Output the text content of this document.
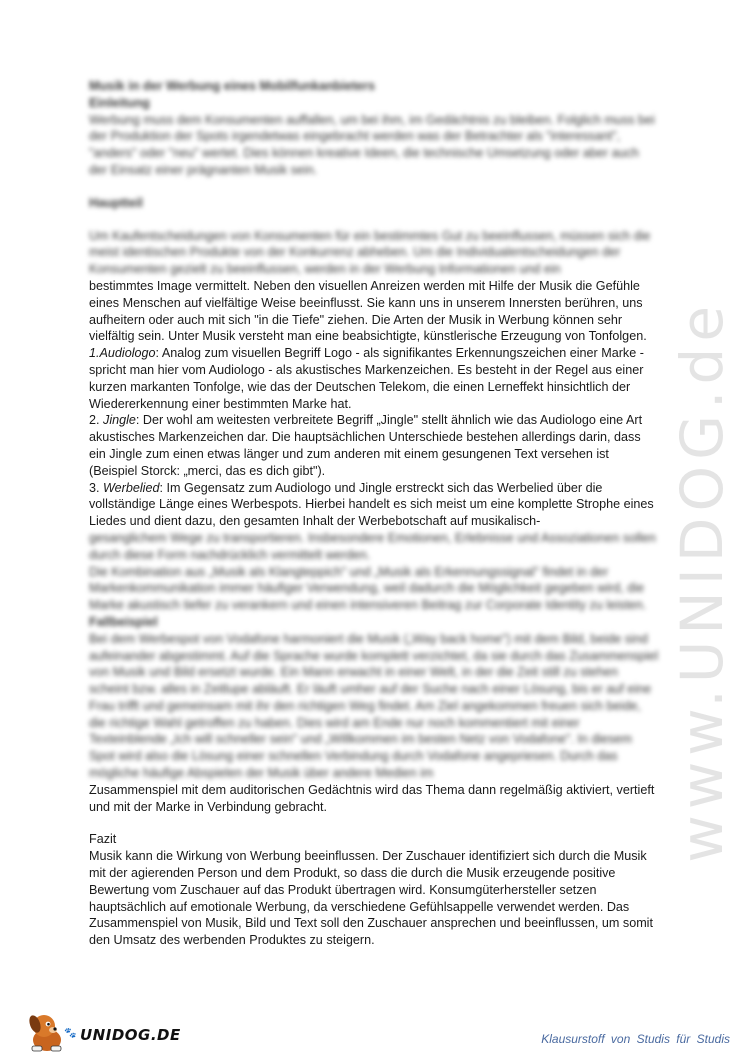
www.UNIDOG.de

Musik in der Werbung eines Mobilfunkanbieters

Einleitung

Werbung muss dem Konsumenten auffallen, um bei ihm, im Gedächtnis zu bleiben. Folglich muss bei der Produktion der Spots irgendetwas eingebracht werden was der Betrachter als "interessant", "anders" oder "neu" wertet. Dies können kreative Ideen, die technische Umsetzung oder aber auch der Einsatz einer prägnanten Musik sein.

Hauptteil

Um Kaufentscheidungen von Konsumenten für ein bestimmtes Gut zu beeinflussen, müssen sich die meist identischen Produkte von der Konkurrenz abheben. Um die Individualentscheidungen der Konsumenten gezielt zu beeinflussen, werden in der Werbung Informationen und ein

bestimmtes Image vermittelt. Neben den visuellen Anreizen werden mit Hilfe der Musik die Gefühle eines Menschen auf vielfältige Weise beeinflusst. Sie kann uns in unserem Innersten berühren, uns aufheitern oder auch mit sich "in die Tiefe" ziehen. Die Arten der Musik in Werbung können sehr vielfältig sein. Unter Musik versteht man eine beabsichtigte, künstlerische Erzeugung von Tonfolgen.

1.Audiologo: Analog zum visuellen Begriff Logo - als signifikantes Erkennungszeichen einer Marke - spricht man hier vom Audiologo - als akustisches Markenzeichen. Es besteht in der Regel aus einer kurzen markanten Tonfolge, wie das der Deutschen Telekom, die einen Lerneffekt hinsichtlich der Wiedererkennung einer bestimmten Marke hat.

2. Jingle: Der wohl am weitesten verbreitete Begriff „Jingle" stellt ähnlich wie das Audiologo eine Art akustisches Markenzeichen dar. Die hauptsächlichen Unterschiede bestehen allerdings darin, dass ein Jingle zum einen etwas länger und zum anderen mit einem gesungenen Text versehen ist (Beispiel Storck: „merci, das es dich gibt").

3. Werbelied: Im Gegensatz zum Audiologo und Jingle erstreckt sich das Werbelied über die vollständige Länge eines Werbespots. Hierbei handelt es sich meist um eine komplette Strophe eines Liedes und dient dazu, den gesamten Inhalt der Werbebotschaft auf musikalisch-

gesanglichem Wege zu transportieren. Insbesondere Emotionen, Erlebnisse und Assoziationen sollen durch diese Form nachdrücklich vermittelt werden.

Die Kombination aus „Musik als Klangteppich" und „Musik als Erkennungssignal" findet in der Markenkommunikation immer häufiger Verwendung, weil dadurch die Möglichkeit gegeben wird, die Marke akustisch tiefer zu verankern und einen intensiveren Beitrag zur Corporate Identity zu leisten.

Fallbeispiel

Bei dem Werbespot von Vodafone harmoniert die Musik („Way back home") mit dem Bild, beide sind aufeinander abgestimmt. Auf die Sprache wurde komplett verzichtet, da sie durch das Zusammenspiel von Musik und Bild ersetzt wurde. Ein Mann erwacht in einer Welt, in der die Zeit still zu stehen scheint bzw. alles in Zeitlupe abläuft. Er läuft umher auf der Suche nach einer Lösung, bis er auf eine Frau trifft und gemeinsam mit ihr den richtigen Weg findet. Am Ziel angekommen freuen sich beide, die richtige Wahl getroffen zu haben. Dies wird am Ende nur noch kommentiert mit einer Texteinblende „Ich will schneller sein" und „Willkommen im besten Netz von Vodafone". In diesem Spot wird also die Lösung einer schnellen Verbindung durch Vodafone angepriesen. Durch das mögliche häufige Abspielen der Musik über andere Medien im

Zusammenspiel mit dem auditorischen Gedächtnis wird das Thema dann regelmäßig aktiviert, vertieft und mit der Marke in Verbindung gebracht.

Fazit

Musik kann die Wirkung von Werbung beeinflussen. Der Zuschauer identifiziert sich durch die Musik mit der agierenden Person und dem Produkt, so dass die durch die Musik erzeugende positive Bewertung vom Zuschauer auf das Produkt übertragen wird. Konsumgüterhersteller setzen hauptsächlich auf emotionale Werbung, da verschiedene Gefühlsappelle verwendet werden. Das Zusammenspiel von Musik, Bild und Text soll den Zuschauer ansprechen und beeinflussen, um somit den Umsatz des werbenden Produktes zu steigern.

🐾 UNIDOG.DE	Klausurstoff von Studis für Studis
